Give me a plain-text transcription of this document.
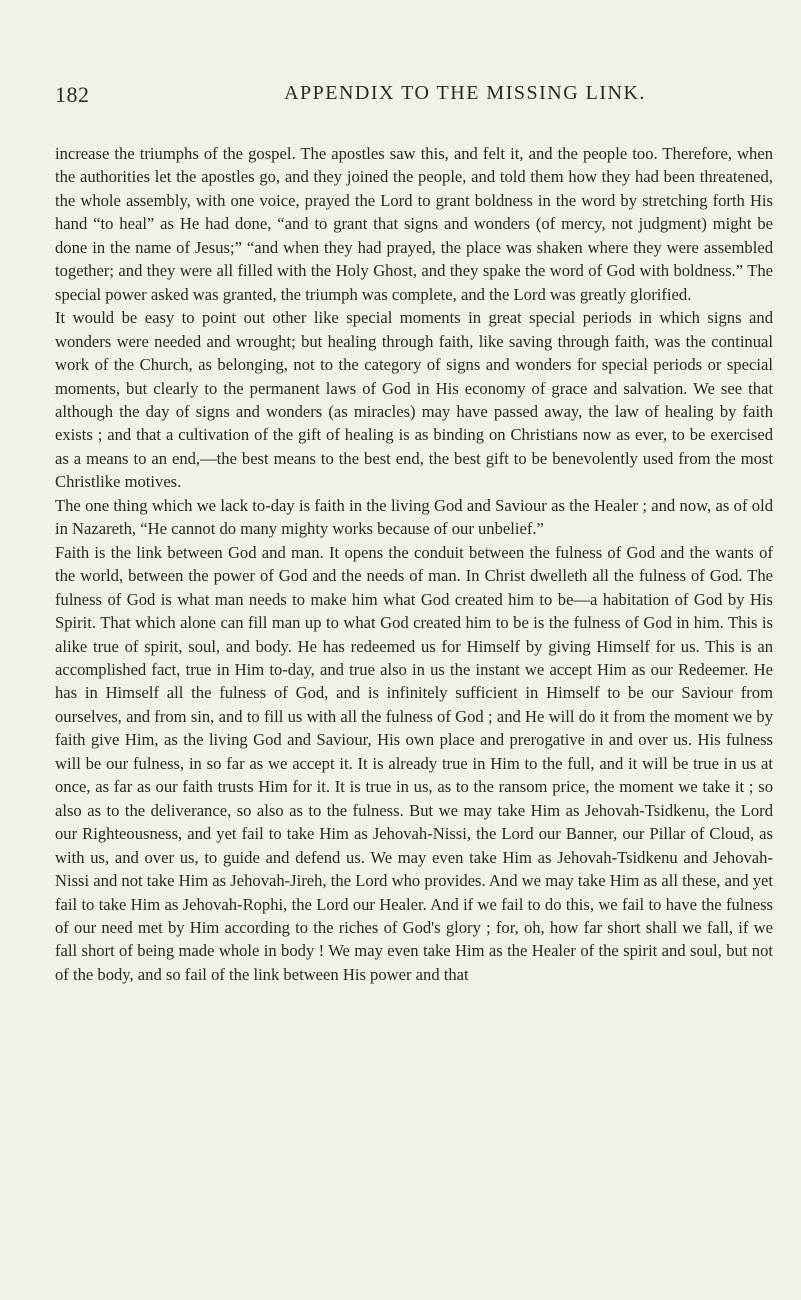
182	APPENDIX TO THE MISSING LINK.

increase the triumphs of the gospel. The apostles saw this, and felt it, and the people too. Therefore, when the authorities let the apostles go, and they joined the people, and told them how they had been threatened, the whole assembly, with one voice, prayed the Lord to grant boldness in the word by stretching forth His hand “to heal” as He had done, “and to grant that signs and wonders (of mercy, not judgment) might be done in the name of Jesus;” “and when they had prayed, the place was shaken where they were assembled together; and they were all filled with the Holy Ghost, and they spake the word of God with boldness.” The special power asked was granted, the triumph was complete, and the Lord was greatly glorified.

It would be easy to point out other like special moments in great special periods in which signs and wonders were needed and wrought; but healing through faith, like saving through faith, was the continual work of the Church, as belonging, not to the category of signs and wonders for special periods or special moments, but clearly to the permanent laws of God in His economy of grace and salvation. We see that although the day of signs and wonders (as miracles) may have passed away, the law of healing by faith exists ; and that a cultivation of the gift of healing is as binding on Christians now as ever, to be exercised as a means to an end,—the best means to the best end, the best gift to be benevolently used from the most Christlike motives.

The one thing which we lack to-day is faith in the living God and Saviour as the Healer ; and now, as of old in Nazareth, “He cannot do many mighty works because of our unbelief.”

Faith is the link between God and man. It opens the conduit between the fulness of God and the wants of the world, between the power of God and the needs of man. In Christ dwelleth all the fulness of God. The fulness of God is what man needs to make him what God created him to be—a habitation of God by His Spirit. That which alone can fill man up to what God created him to be is the fulness of God in him. This is alike true of spirit, soul, and body. He has redeemed us for Himself by giving Himself for us. This is an accomplished fact, true in Him to-day, and true also in us the instant we accept Him as our Redeemer. He has in Himself all the fulness of God, and is infinitely sufficient in Himself to be our Saviour from ourselves, and from sin, and to fill us with all the fulness of God ; and He will do it from the moment we by faith give Him, as the living God and Saviour, His own place and prerogative in and over us. His fulness will be our fulness, in so far as we accept it. It is already true in Him to the full, and it will be true in us at once, as far as our faith trusts Him for it. It is true in us, as to the ransom price, the moment we take it ; so also as to the deliverance, so also as to the fulness. But we may take Him as Jehovah-Tsidkenu, the Lord our Righteousness, and yet fail to take Him as Jehovah-Nissi, the Lord our Banner, our Pillar of Cloud, as with us, and over us, to guide and defend us. We may even take Him as Jehovah-Tsidkenu and Jehovah-Nissi and not take Him as Jehovah-Jireh, the Lord who provides. And we may take Him as all these, and yet fail to take Him as Jehovah-Rophi, the Lord our Healer. And if we fail to do this, we fail to have the fulness of our need met by Him according to the riches of God's glory ; for, oh, how far short shall we fall, if we fall short of being made whole in body ! We may even take Him as the Healer of the spirit and soul, but not of the body, and so fail of the link between His power and that
